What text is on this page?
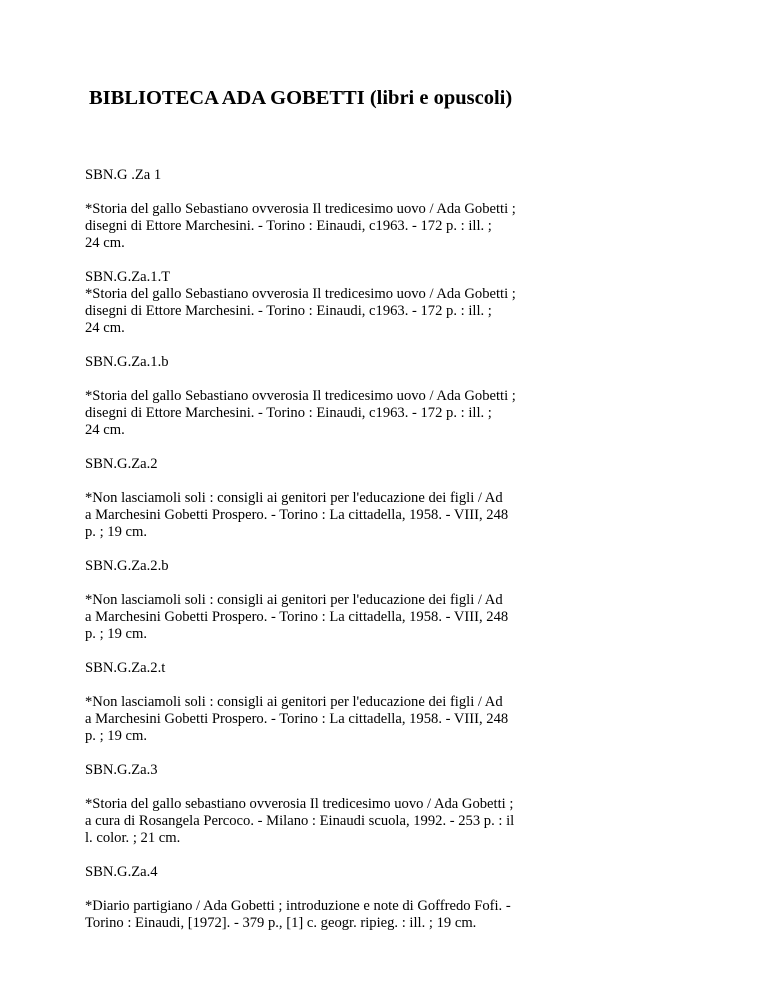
BIBLIOTECA ADA GOBETTI (libri e opuscoli)

SBN.G .Za 1

*Storia del gallo Sebastiano ovverosia Il tredicesimo uovo / Ada Gobetti ;

disegni di Ettore Marchesini. - Torino : Einaudi, c1963. - 172 p. : ill. ;

24 cm.

SBN.G.Za.1.T

*Storia del gallo Sebastiano ovverosia Il tredicesimo uovo / Ada Gobetti ;

disegni di Ettore Marchesini. - Torino : Einaudi, c1963. - 172 p. : ill. ;

24 cm.

SBN.G.Za.1.b

*Storia del gallo Sebastiano ovverosia Il tredicesimo uovo / Ada Gobetti ;

disegni di Ettore Marchesini. - Torino : Einaudi, c1963. - 172 p. : ill. ;

24 cm.

SBN.G.Za.2

*Non lasciamoli soli : consigli ai genitori per l'educazione dei figli / Ad

a Marchesini Gobetti Prospero. - Torino : La cittadella, 1958. - VIII, 248

p. ; 19 cm.

SBN.G.Za.2.b

*Non lasciamoli soli : consigli ai genitori per l'educazione dei figli / Ad

a Marchesini Gobetti Prospero. - Torino : La cittadella, 1958. - VIII, 248

p. ; 19 cm.

SBN.G.Za.2.t

*Non lasciamoli soli : consigli ai genitori per l'educazione dei figli / Ad

a Marchesini Gobetti Prospero. - Torino : La cittadella, 1958. - VIII, 248

p. ; 19 cm.

SBN.G.Za.3

*Storia del gallo sebastiano ovverosia Il tredicesimo uovo / Ada Gobetti ;

a cura di Rosangela Percoco. - Milano : Einaudi scuola, 1992. - 253 p. : il

l. color. ; 21 cm.

SBN.G.Za.4

*Diario partigiano / Ada Gobetti ; introduzione e note di Goffredo Fofi. -

Torino : Einaudi, [1972]. - 379 p., [1] c. geogr. ripieg. : ill. ; 19 cm.
